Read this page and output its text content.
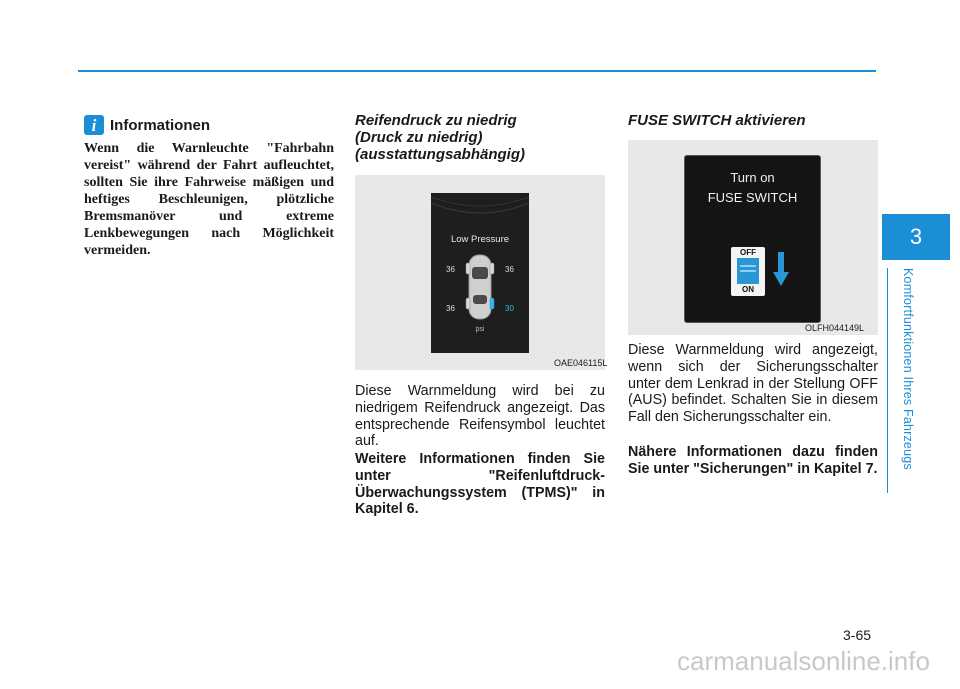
3
Komfortfunktionen Ihres Fahrzeugs
i Informationen

Wenn die Warnleuchte "Fahrbahn vereist" während der Fahrt aufleuchtet, sollten Sie ihre Fahrweise mäßigen und heftiges Beschleunigen, plötzliche Bremsmanöver und extreme Lenkbewegungen nach Möglichkeit vermeiden.

Reifendruck zu niedrig
(Druck zu niedrig)
(ausstattungsabhängig)
Low Pressure
36	36
36	30
psi
OAE046115L

Diese Warnmeldung wird bei zu niedrigem Reifendruck angezeigt. Das entsprechende Reifensymbol leuchtet auf.

Weitere Informationen finden Sie unter "Reifenluftdruck-Überwachungssystem (TPMS)" in Kapitel 6.

FUSE SWITCH aktivieren
Turn on
FUSE SWITCH
OFF
ON
OLFH044149L

Diese Warnmeldung wird angezeigt, wenn sich der Sicherungsschalter unter dem Lenkrad in der Stellung OFF (AUS) befindet. Schalten Sie in diesem Fall den Sicherungsschalter ein.

Nähere Informationen dazu finden Sie unter "Sicherungen" in Kapitel 7.

3-65
carmanualsonline.info
